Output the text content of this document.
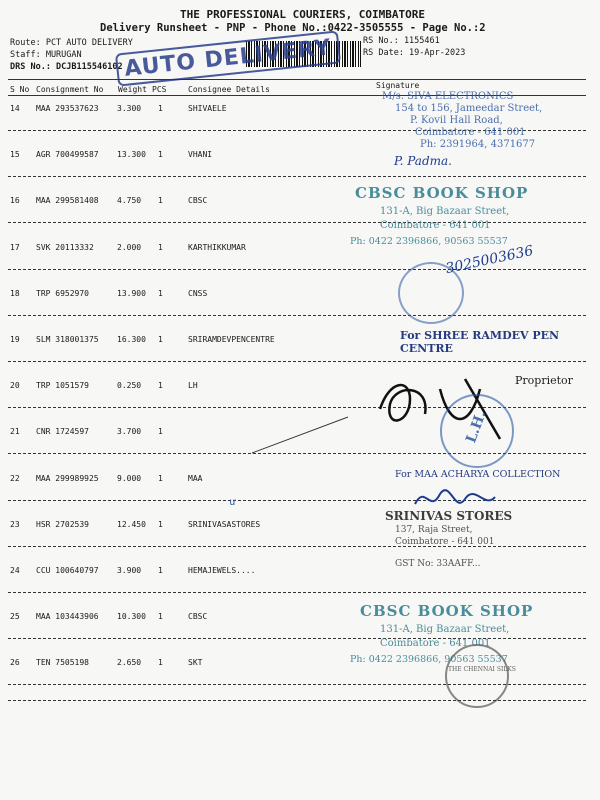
THE PROFESSIONAL COURIERS, COIMBATORE
Delivery Runsheet - PNP - Phone No.:0422-3505555 - Page No.:2
Route: PCT AUTO DELIVERY
Staff: MURUGAN
DRS No.: DCJB115546102 AUTO DELIVERY	RS No.: 1155461
RS Date: 19-Apr-2023
S No Consignment No Weight PCS	Consignee Details	Signature
14 MAA 293537623 3.300 1	SHIVAELE
15 AGR 700499587 13.300 1	VHANI
16 MAA 299581408 4.750 1	CBSC
17 SVK 20113332	2.000 1	KARTHIKKUMAR
18 TRP 6952970	13.900 1	CNSS
19 SLM 318001375 16.300 1	SRIRAMDEVPENCENTRE
20 TRP 1051579	0.250 1	LH
21 CNR 1724597	3.700 1
22 MAA 299989925 9.000 1	MAA
23 HSR 2702539	12.450 1	SRINIVASASTORES
24 CCU 100640797 3.900 1	HEMAJEWELS....
25 MAA 103443906 10.300 1	CBSC
26 TEN 7505198	2.650 1	SKT
M/s. SIVA ELECTRONICS
154 to 156, Jameedar Street,
P. Kovil Hall Road,
Coimbatore - 641 001
Ph: 2391964, 4371677
P. Padma.
CBSC BOOK SHOP
131-A, Big Bazaar Street,
Coimbatore - 641 001
Ph: 0422 2396866, 90563 55537
3025003636
For SHREE RAMDEV PEN CENTRE
Proprietor
L.H.
For MAA ACHARYA COLLECTION
SRINIVAS STORES
137, Raja Street,
Coimbatore - 641 001
GST No: 33AAFF...
CBSC BOOK SHOP
131-A, Big Bazaar Street,
Coimbatore - 641 001
Ph: 0422 2396866, 90563 55537
THE CHENNAI SILKS
ư
